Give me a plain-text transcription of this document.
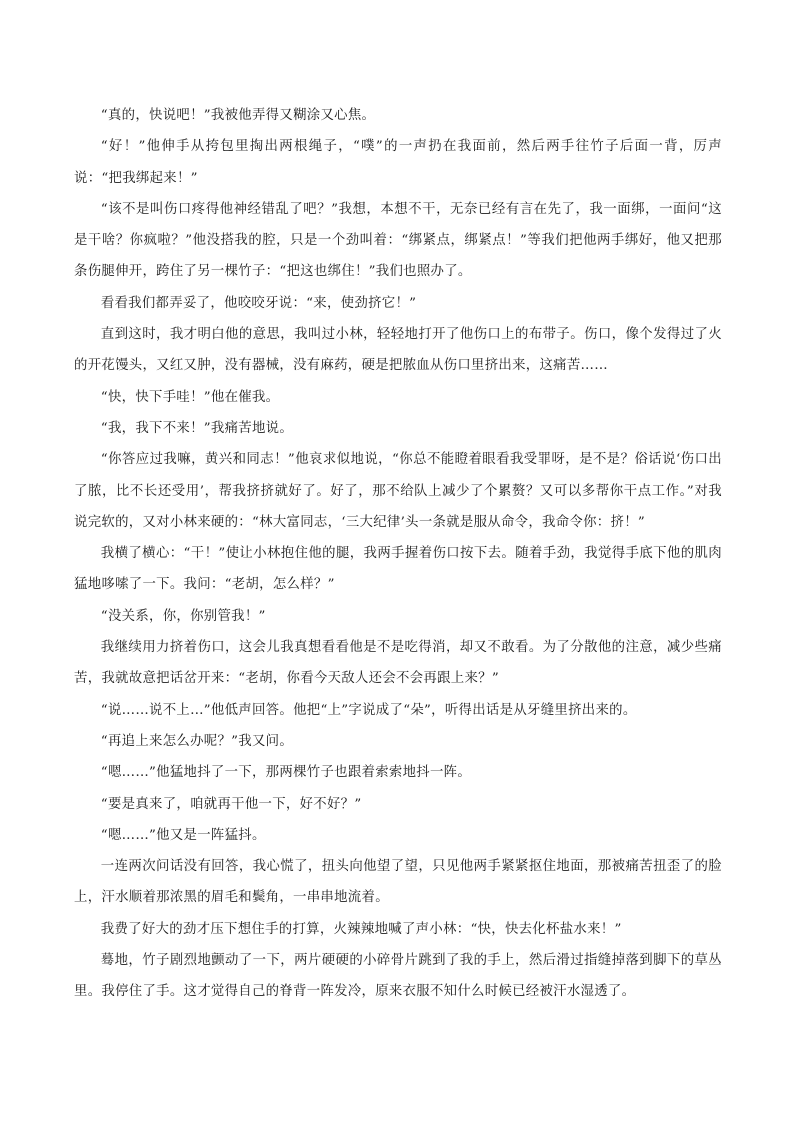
“真的，快说吧！”我被他弄得又糊涂又心焦。

“好！”他伸手从挎包里掏出两根绳子，“噗”的一声扔在我面前，然后两手往竹子后面一背，厉声说：“把我绑起来！”

“该不是叫伤口疼得他神经错乱了吧？”我想，本想不干，无奈已经有言在先了，我一面绑，一面问“这是干啥？你疯啦？”他没搭我的腔，只是一个劲叫着：“绑紧点，绑紧点！”等我们把他两手绑好，他又把那条伤腿伸开，跨住了另一棵竹子：“把这也绑住！”我们也照办了。

看看我们都弄妥了，他咬咬牙说：“来，使劲挤它！”

直到这时，我才明白他的意思，我叫过小林，轻轻地打开了他伤口上的布带子。伤口，像个发得过了火的开花馒头，又红又肿，没有器械，没有麻药，硬是把脓血从伤口里挤出来，这痛苦……

“快，快下手哇！”他在催我。

“我，我下不来！”我痛苦地说。

“你答应过我嘛，黄兴和同志！”他哀求似地说，“你总不能瞪着眼看我受罪呀，是不是？俗话说‘伤口出了脓，比不长还受用’，帮我挤挤就好了。好了，那不给队上减少了个累赘？又可以多帮你干点工作。”对我说完软的，又对小林来硬的：“林大富同志，‘三大纪律’头一条就是服从命令，我命令你：挤！”

我横了横心：“干！”使让小林抱住他的腿，我两手握着伤口按下去。随着手劲，我觉得手底下他的肌肉猛地哆嗦了一下。我问：“老胡，怎么样？”

“没关系，你，你别管我！”

我继续用力挤着伤口，这会儿我真想看看他是不是吃得消，却又不敢看。为了分散他的注意，减少些痛苦，我就故意把话岔开来：“老胡，你看今天敌人还会不会再跟上来？”

“说……说不上…”他低声回答。他把“上”字说成了“朵”，听得出话是从牙缝里挤出来的。

“再追上来怎么办呢？”我又问。

“嗯……”他猛地抖了一下，那两棵竹子也跟着索索地抖一阵。

“要是真来了，咱就再干他一下，好不好？”

“嗯……”他又是一阵猛抖。

一连两次问话没有回答，我心慌了，扭头向他望了望，只见他两手紧紧抠住地面，那被痛苦扭歪了的脸上，汗水顺着那浓黑的眉毛和鬓角，一串串地流着。

我费了好大的劲才压下想住手的打算，火辣辣地喊了声小林：“快，快去化杯盐水来！”

蓦地，竹子剧烈地颤动了一下，两片硬硬的小碎骨片跳到了我的手上，然后滑过指缝掉落到脚下的草丛里。我停住了手。这才觉得自己的脊背一阵发冷，原来衣服不知什么时候已经被汗水湿透了。
